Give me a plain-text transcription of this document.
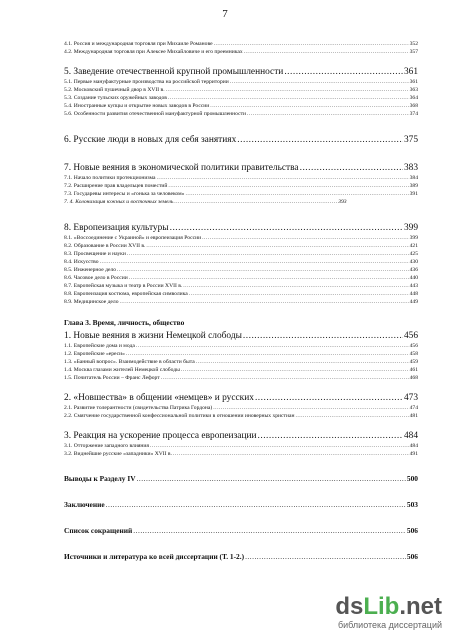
7
4.1. Россия и международная торговля при Михаиле Романове .....	352
4.2. Международная торговля при Алексее Михайловиче и его преемниках .....	357
5. Заведение отечественной крупной промышленности .....	361
5.1. Первые мануфактурные производства на российской территории .....	361
5.2. Московский пушечный двор в XVII в. .....	363
5.3. Создание тульских оружейных заводов .....	364
5.4. Иностранные купцы и открытие новых заводов в России .....	368
5.6. Особенности развития отечественной мануфактурной промышленности .....	374
6. Русские люди в новых для себя занятиях .....	375
7. Новые веяния в экономической политики правительства .....	383
7.1. Начало политики протекционизма .....	384
7.2. Расширение прав владельцев поместий .....	389
7.3. Государевы интересы и «гонька за человеком» .....	391
7. 4. Колонизация южных и восточных земель .....	393
8. Европеизация культуры .....	399
8.1. «Воссоединение с Украиной» и европеизация России .....	399
8.2. Образование в России XVII в. .....	421
8.3. Просвещение и науки .....	425
8.4. Искусство .....	430
8.5. Инженерное дело .....	436
8.6. Часовое дело в России .....	440
8.7. Европейская музыка и театр в России XVII в. .....	443
8.8. Европеизация костюма, европейская символика .....	448
8.9. Медицинское дело .....	449
Глава 3. Время, личность, общество
1. Новые веяния в жизни Немецкой слободы .....	456
1.1. Европейские дома и мода .....	456
1.2. Европейские «ереси» .....	458
1.3. «Банный вопрос». Взаимодействие в области быта .....	459
1.4. Москва глазами жителей Немецкой слободы .....	461
1.5. Почитатель России – Франс Лефорт .....	468
2. «Новшества» в общении «немцев» и русских .....	473
2.1. Развитие толерантности (свидетельства Патрика Гордона) .....	474
2.2. Смягчение государственной конфессиональной политики в отношении иноверных христиан .....	481
3. Реакция на ускорение процесса европеизации .....	484
3.1. Отторжение западного влияния .....	484
3.2. Виднейшие русские «западники» XVII в. .....	491
Выводы к Разделу IV .....	500
Заключение .....	503
Список сокращений .....	506
Источники и литература ко всей диссертации (Т. 1-2.) .....	506
dsLib.net
библиотека диссертаций
